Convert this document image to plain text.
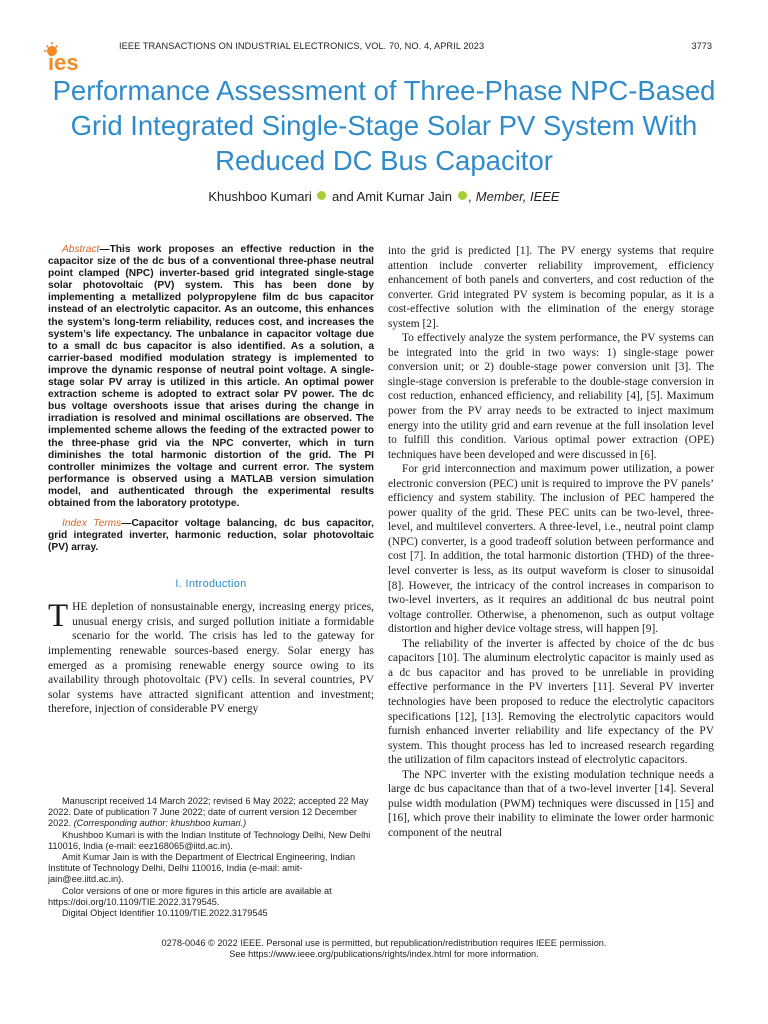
ies
IEEE TRANSACTIONS ON INDUSTRIAL ELECTRONICS, VOL. 70, NO. 4, APRIL 2023	3773
Performance Assessment of Three-Phase NPC-Based Grid Integrated Single-Stage Solar PV System With Reduced DC Bus Capacitor
Khushboo Kumari and Amit Kumar Jain , Member, IEEE

Abstract—This work proposes an effective reduction in the capacitor size of the dc bus of a conventional three-phase neutral point clamped (NPC) inverter-based grid integrated single-stage solar photovoltaic (PV) system. This has been done by implementing a metallized polypropylene film dc bus capacitor instead of an electrolytic capacitor. As an outcome, this enhances the system’s long-term reliability, reduces cost, and increases the system’s life expectancy. The unbalance in capacitor voltage due to a small dc bus capacitor is also identified. As a solution, a carrier-based modified modulation strategy is implemented to improve the dynamic response of neutral point voltage. A single-stage solar PV array is utilized in this article. An optimal power extraction scheme is adopted to extract solar PV power. The dc bus voltage overshoots issue that arises during the change in irradiation is resolved and minimal oscillations are observed. The implemented scheme allows the feeding of the extracted power to the three-phase grid via the NPC converter, which in turn diminishes the total harmonic distortion of the grid. The PI controller minimizes the voltage and current error. The system performance is observed using a MATLAB version simulation model, and authenticated through the experimental results obtained from the laboratory prototype.

Index Terms—Capacitor voltage balancing, dc bus capacitor, grid integrated inverter, harmonic reduction, solar photovoltaic (PV) array.

I. Introduction

THE depletion of nonsustainable energy, increasing energy prices, unusual energy crisis, and surged pollution initiate a formidable scenario for the world. The crisis has led to the gateway for implementing renewable sources-based energy. Solar energy has emerged as a promising renewable energy source owing to its availability through photovoltaic (PV) cells. In several countries, PV solar systems have attracted significant attention and investment; therefore, injection of considerable PV energy

into the grid is predicted [1]. The PV energy systems that require attention include converter reliability improvement, efficiency enhancement of both panels and converters, and cost reduction of the converter. Grid integrated PV system is becoming popular, as it is a cost-effective solution with the elimination of the energy storage system [2].

To effectively analyze the system performance, the PV systems can be integrated into the grid in two ways: 1) single-stage power conversion unit; or 2) double-stage power conversion unit [3]. The single-stage conversion is preferable to the double-stage conversion in cost reduction, enhanced efficiency, and reliability [4], [5]. Maximum power from the PV array needs to be extracted to inject maximum energy into the utility grid and earn revenue at the full insolation level to fulfill this condition. Various optimal power extraction (OPE) techniques have been developed and were discussed in [6].

For grid interconnection and maximum power utilization, a power electronic conversion (PEC) unit is required to improve the PV panels’ efficiency and system stability. The inclusion of PEC hampered the power quality of the grid. These PEC units can be two-level, three-level, and multilevel converters. A three-level, i.e., neutral point clamp (NPC) converter, is a good tradeoff solution between performance and cost [7]. In addition, the total harmonic distortion (THD) of the three-level converter is less, as its output waveform is closer to sinusoidal [8]. However, the intricacy of the control increases in comparison to two-level inverters, as it requires an additional dc bus neutral point voltage controller. Otherwise, a phenomenon, such as output voltage distortion and higher device voltage stress, will happen [9].

The reliability of the inverter is affected by choice of the dc bus capacitors [10]. The aluminum electrolytic capacitor is mainly used as a dc bus capacitor and has proved to be unreliable in providing effective performance in the PV inverters [11]. Several PV inverter technologies have been proposed to reduce the electrolytic capacitors specifications [12], [13]. Removing the electrolytic capacitors would furnish enhanced inverter reliability and life expectancy of the PV system. This thought process has led to increased research regarding the utilization of film capacitors instead of electrolytic capacitors.

The NPC inverter with the existing modulation technique needs a large dc bus capacitance than that of a two-level inverter [14]. Several pulse width modulation (PWM) techniques were discussed in [15] and [16], which prove their inability to eliminate the lower order harmonic component of the neutral

Manuscript received 14 March 2022; revised 6 May 2022; accepted 22 May 2022. Date of publication 7 June 2022; date of current version 12 December 2022. (Corresponding author: khushboo kumari.)

Khushboo Kumari is with the Indian Institute of Technology Delhi, New Delhi 110016, India (e-mail: eez168065@iitd.ac.in).

Amit Kumar Jain is with the Department of Electrical Engineering, Indian Institute of Technology Delhi, Delhi 110016, India (e-mail: amit-jain@ee.iitd.ac.in).

Color versions of one or more figures in this article are available at https://doi.org/10.1109/TIE.2022.3179545.

Digital Object Identifier 10.1109/TIE.2022.3179545

0278-0046 © 2022 IEEE. Personal use is permitted, but republication/redistribution requires IEEE permission.
See https://www.ieee.org/publications/rights/index.html for more information.
